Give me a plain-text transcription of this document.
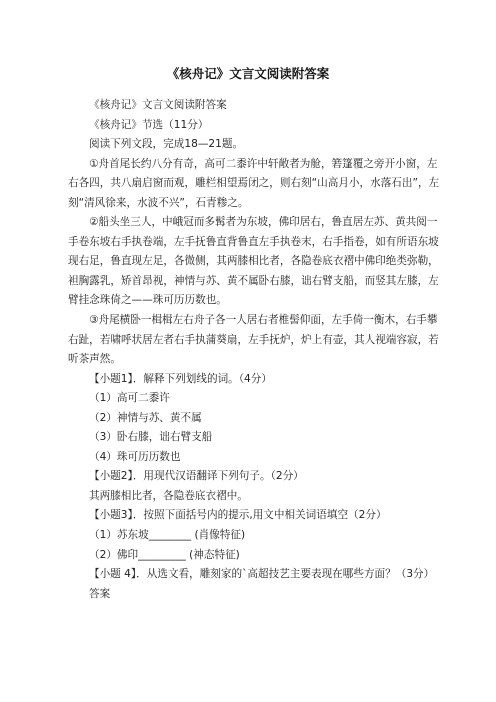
《核舟记》文言文阅读附答案

《核舟记》文言文阅读附答案

《核舟记》节选（11分）

阅读下列文段，完成18—21题。

①舟首尾长约八分有奇，高可二黍许中轩敞者为舱，箬篷覆之旁开小窗，左右各四，共八扇启窗而观，雕栏相望焉闭之，则右刻“山高月小，水落石出”，左刻“清风徐来，水波不兴”，石青糁之。

②船头坐三人，中峨冠而多髯者为东坡，佛印居右，鲁直居左苏、黄共阅一手卷东坡右手执卷端，左手抚鲁直背鲁直左手执卷末，右手指卷，如有所语东坡现右足，鲁直现左足，各微侧，其两膝相比者，各隐卷底衣褶中佛印绝类弥勒，袒胸露乳，矫首昂视，神情与苏、黄不属卧右膝，诎右臂支船，而竖其左膝，左臂挂念珠倚之——珠可历历数也。

③舟尾横卧一楫楫左右舟子各一人居右者椎髻仰面，左手倚一衡木，右手攀右趾，若啸呼状居左者右手执蒲葵扇，左手抚炉，炉上有壶，其人视端容寂，若听茶声然。

【小题1】．解释下列划线的词。（4分）

（1）高可二黍许

（2）神情与苏、黄不属

（3）卧右膝，诎右臂支船

（4）珠可历历数也

【小题2】．用现代汉语翻译下列句子。（2分）

其两膝相比者，各隐卷底衣褶中。

【小题3】．按照下面括号内的提示,用文中相关词语填空（2分）

（1）苏东坡________ (肖像特征)

（2）佛印_________ (神态特征)

【小题 4】．从选文看，雕刻家的`高超技艺主要表现在哪些方面？（3分）

答案
